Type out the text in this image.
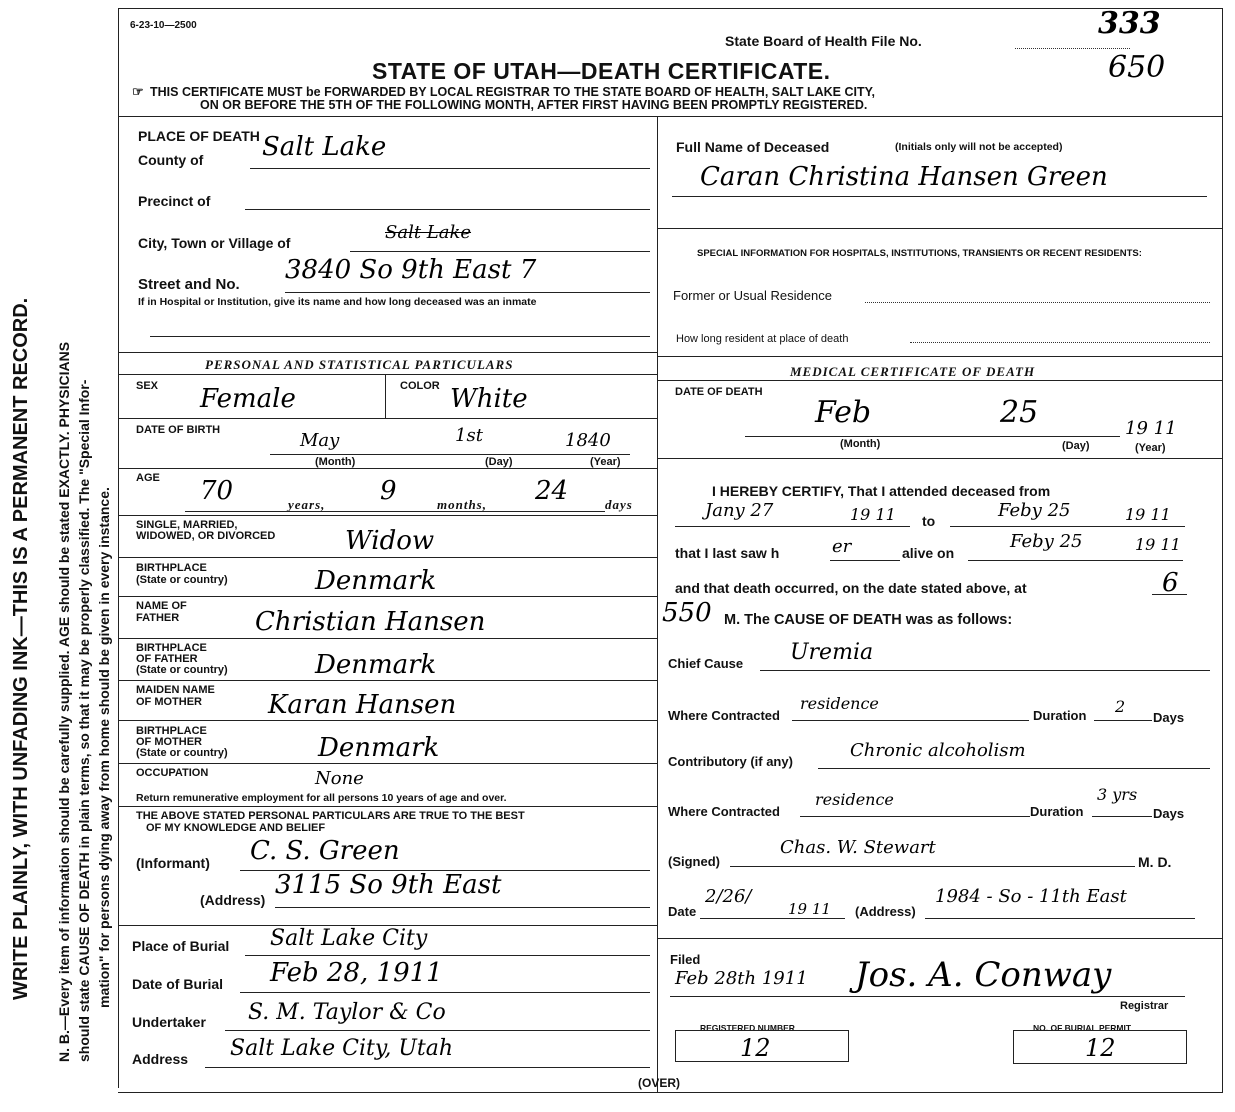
WRITE PLAINLY, WITH UNFADING INK—THIS IS A PERMANENT RECORD. N. B.—Every item of information should be carefully supplied. AGE should be stated EXACTLY. PHYSICIANS should state CAUSE OF DEATH in plain terms, so that it may be properly classified. The "Special Infor- mation" for persons dying away from home should be given in every instance.
6-23-10—2500
State Board of Health File No.	333
650
STATE OF UTAH—DEATH CERTIFICATE.
☞ THIS CERTIFICATE MUST be FORWARDED BY LOCAL REGISTRAR TO THE STATE BOARD OF HEALTH, SALT LAKE CITY,
ON OR BEFORE THE 5TH OF THE FOLLOWING MONTH, AFTER FIRST HAVING BEEN PROMPTLY REGISTERED.
PLACE OF DEATH
County of Salt Lake
Precinct of
City, Town or Village of	Salt Lake
Street and No. 3840 So 9th East 7
If in Hospital or Institution, give its name and how long deceased was an inmate
PERSONAL AND STATISTICAL PARTICULARS
SEX	COLOR
Female	White
DATE OF BIRTH	May	1st	1840
(Month)	(Day)	(Year)
AGE 70	years, 9	months, 24	days
SINGLE, MARRIED,
WIDOWED, OR DIVORCED	Widow
BIRTHPLACE
(State or country)	Denmark
NAME OF
FATHER	Christian Hansen
BIRTHPLACE
OF FATHER
(State or country)	Denmark
MAIDEN NAME
OF MOTHER	Karan Hansen
BIRTHPLACE
OF MOTHER
(State or country)	Denmark
OCCUPATION	None
Return remunerative employment for all persons 10 years of age and over.
THE ABOVE STATED PERSONAL PARTICULARS ARE TRUE TO THE BEST
OF MY KNOWLEDGE AND BELIEF
(Informant) C. S. Green
(Address) 3115 So 9th East
Place of Burial Salt Lake City
Date of Burial Feb 28, 1911
Undertaker S. M. Taylor & Co
Address Salt Lake City, Utah
Full Name of Deceased	(Initials only will not be accepted)
Caran Christina Hansen Green
SPECIAL INFORMATION FOR HOSPITALS, INSTITUTIONS, TRANSIENTS OR RECENT RESIDENTS:
Former or Usual Residence
How long resident at place of death
MEDICAL CERTIFICATE OF DEATH
DATE OF DEATH
Feb	25	19 11
(Month)	(Day)	(Year)
I HEREBY CERTIFY, That I attended deceased from
Jany 27	19 11 to	Feby 25	19 11
that I last saw h	er	alive on
Feby 25	19 11
and that death occurred, on the date stated above, at	6
550 M. The CAUSE OF DEATH was as follows:
Chief Cause Uremia
Where Contracted
residence
Duration 2
Days
Contributory (if any)
Chronic alcoholism
Where Contracted
residence
Duration
3 yrs
Days
(Signed)
Chas. W. Stewart
M. D.
Date
2/26/
19 11 (Address)
1984 - So - 11th East
Filed
Feb 28th 1911 Jos. A. Conway
Registrar
REGISTERED NUMBER
12
NO. OF BURIAL PERMIT
12
(OVER)
